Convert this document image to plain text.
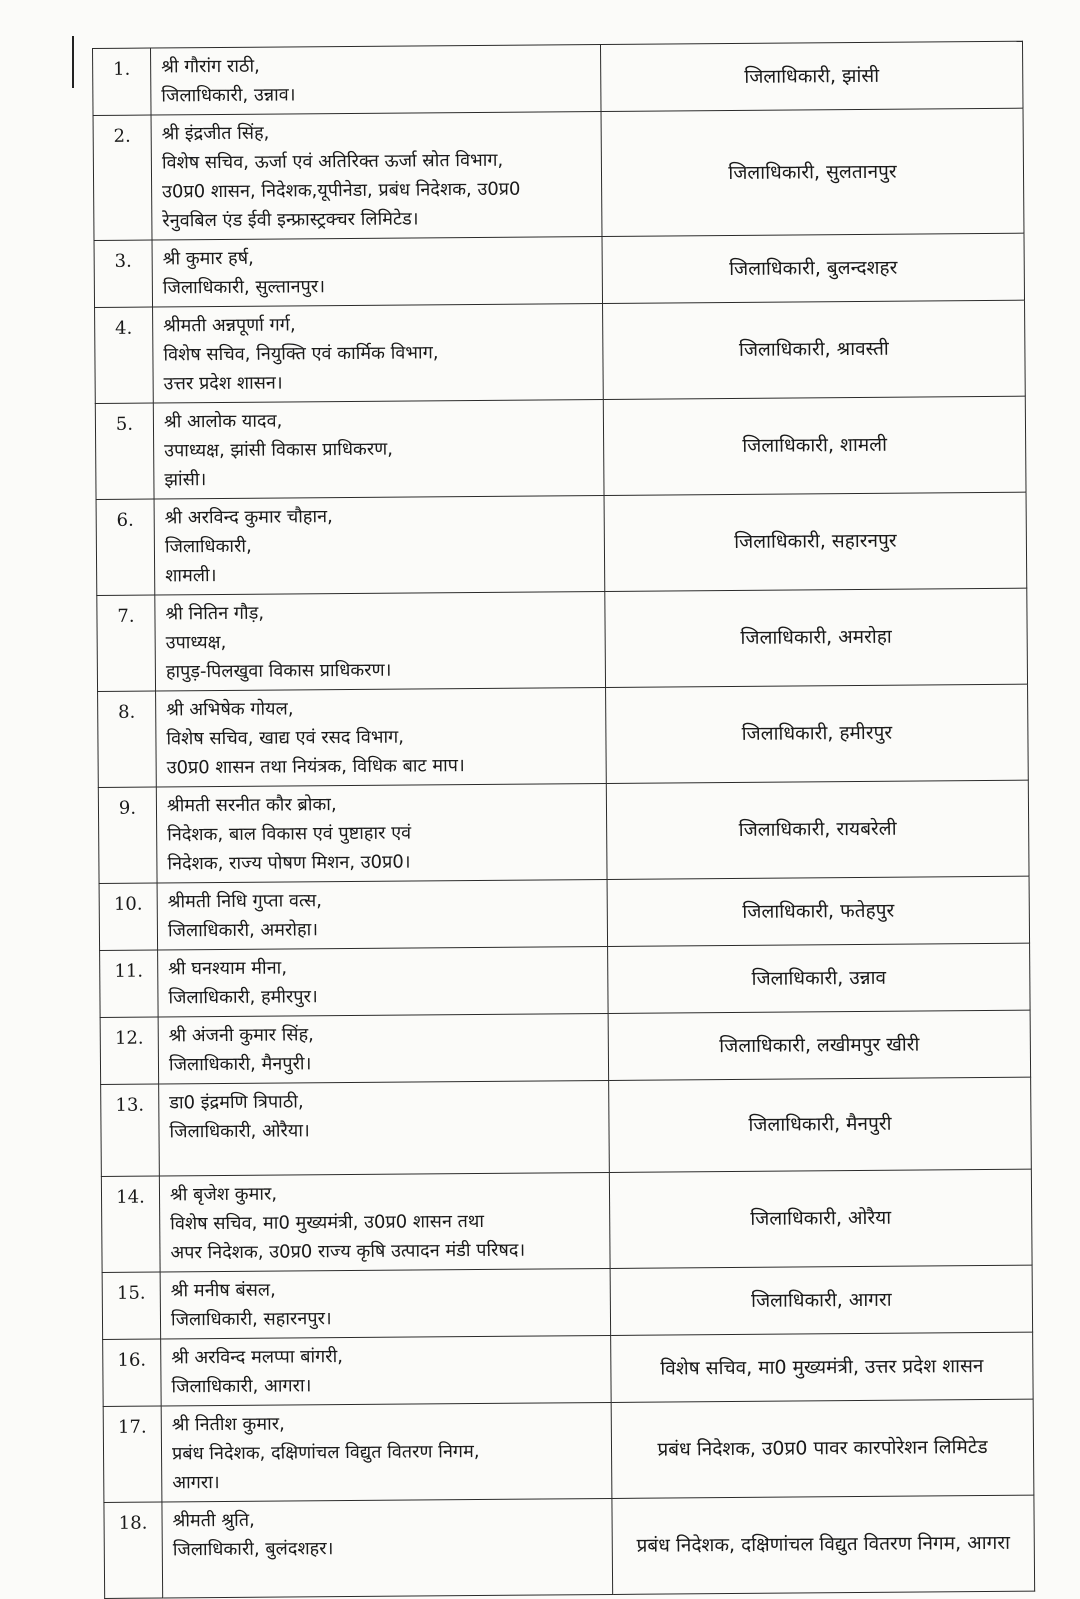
1.	श्री गौरांग राठी,
जिलाधिकारी, उन्नाव।	जिलाधिकारी, झांसी
2.	श्री इंद्रजीत सिंह,
विशेष सचिव, ऊर्जा एवं अतिरिक्त ऊर्जा स्रोत विभाग,
उ0प्र0 शासन, निदेशक,यूपीनेडा, प्रबंध निदेशक, उ0प्र0
रेनुवबिल एंड ईवी इन्फ्रास्ट्रक्चर लिमिटेड।	जिलाधिकारी, सुलतानपुर
3.	श्री कुमार हर्ष,
जिलाधिकारी, सुल्तानपुर।	जिलाधिकारी, बुलन्दशहर
4.	श्रीमती अन्नपूर्णा गर्ग,
विशेष सचिव, नियुक्ति एवं कार्मिक विभाग,
उत्तर प्रदेश शासन।	जिलाधिकारी, श्रावस्ती
5.	श्री आलोक यादव,
उपाध्यक्ष, झांसी विकास प्राधिकरण,
झांसी।	जिलाधिकारी, शामली
6.	श्री अरविन्द कुमार चौहान,
जिलाधिकारी,
शामली।	जिलाधिकारी, सहारनपुर
7.	श्री नितिन गौड़,
उपाध्यक्ष,
हापुड़-पिलखुवा विकास प्राधिकरण।	जिलाधिकारी, अमरोहा
8.	श्री अभिषेक गोयल,
विशेष सचिव, खाद्य एवं रसद विभाग,
उ0प्र0 शासन तथा नियंत्रक, विधिक बाट माप।	जिलाधिकारी, हमीरपुर
9.	श्रीमती सरनीत कौर ब्रोका,
निदेशक, बाल विकास एवं पुष्टाहार एवं
निदेशक, राज्य पोषण मिशन, उ0प्र0।	जिलाधिकारी, रायबरेली
10.	श्रीमती निधि गुप्ता वत्स,
जिलाधिकारी, अमरोहा।	जिलाधिकारी, फतेहपुर
11.	श्री घनश्याम मीना,
जिलाधिकारी, हमीरपुर।	जिलाधिकारी, उन्नाव
12.	श्री अंजनी कुमार सिंह,
जिलाधिकारी, मैनपुरी।	जिलाधिकारी, लखीमपुर खीरी
13.	डा0 इंद्रमणि त्रिपाठी,
जिलाधिकारी, ओरैया।	जिलाधिकारी, मैनपुरी
14.	श्री बृजेश कुमार,
विशेष सचिव, मा0 मुख्यमंत्री, उ0प्र0 शासन तथा
अपर निदेशक, उ0प्र0 राज्य कृषि उत्पादन मंडी परिषद।	जिलाधिकारी, ओरैया
15.	श्री मनीष बंसल,
जिलाधिकारी, सहारनपुर।	जिलाधिकारी, आगरा
16.	श्री अरविन्द मलप्पा बांगरी,
जिलाधिकारी, आगरा।	विशेष सचिव, मा0 मुख्यमंत्री, उत्तर प्रदेश शासन
17.	श्री नितीश कुमार,
प्रबंध निदेशक, दक्षिणांचल विद्युत वितरण निगम,
आगरा।	प्रबंध निदेशक, उ0प्र0 पावर कारपोरेशन लिमिटेड
18.	श्रीमती श्रुति,
जिलाधिकारी, बुलंदशहर।	प्रबंध निदेशक, दक्षिणांचल विद्युत वितरण निगम, आगरा
